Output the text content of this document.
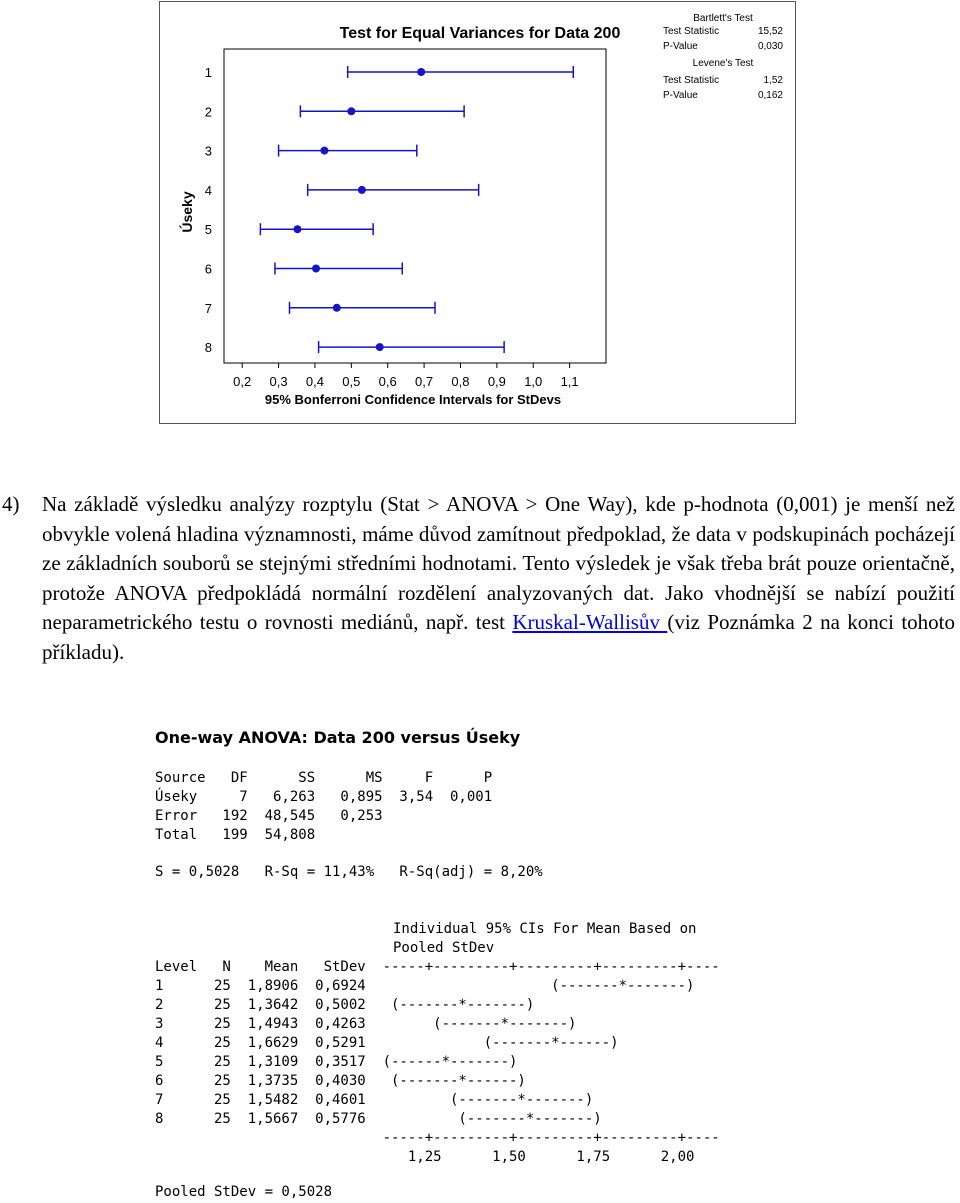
Test for Equal Variances for Data 200
Úseky
95% Bonferroni Confidence Intervals for StDevs
1
2
3
4
5
6
7
8
0,2 0,3 0,4 0,5 0,6 0,7 0,8 0,9 1,0 1,1
Bartlett's Test
Test Statistic	15,52
P-Value	0,030
Levene's Test
Test Statistic	1,52
P-Value	0,162
4) Na základě výsledku analýzy rozptylu (Stat > ANOVA > One Way), kde p-hodnota (0,001) je menší než obvykle volená hladina významnosti, máme důvod zamítnout předpoklad, že data v podskupinách pocházejí ze základních souborů se stejnými středními hodnotami. Tento výsledek je však třeba brát pouze orientačně, protože ANOVA předpokládá normální rozdělení analyzovaných dat. Jako vhodnější se nabízí použití neparametrického testu o rovnosti mediánů, např. test Kruskal-Wallisův (viz Poznámka 2 na konci tohoto příkladu).
One-way ANOVA: Data 200 versus Úseky
Source   DF      SS      MS     F      P
Úseky     7   6,263   0,895  3,54  0,001
Error   192  48,545   0,253
Total   199  54,808
S = 0,5028   R-Sq = 11,43%   R-Sq(adj) = 8,20%
Individual 95% CIs For Mean Based on
Pooled StDev
Level   N    Mean   StDev  -----+---------+---------+---------+----
1      25  1,8906  0,6924                      (-------*-------)
2      25  1,3642  0,5002   (-------*-------)
3      25  1,4943  0,4263        (-------*-------)
4      25  1,6629  0,5291              (-------*------)
5      25  1,3109  0,3517  (------*-------)
6      25  1,3735  0,4030   (-------*------)
7      25  1,5482  0,4601          (-------*-------)
8      25  1,5667  0,5776           (-------*-------)
-----+---------+---------+---------+----
1,25      1,50      1,75      2,00
Pooled StDev = 0,5028
